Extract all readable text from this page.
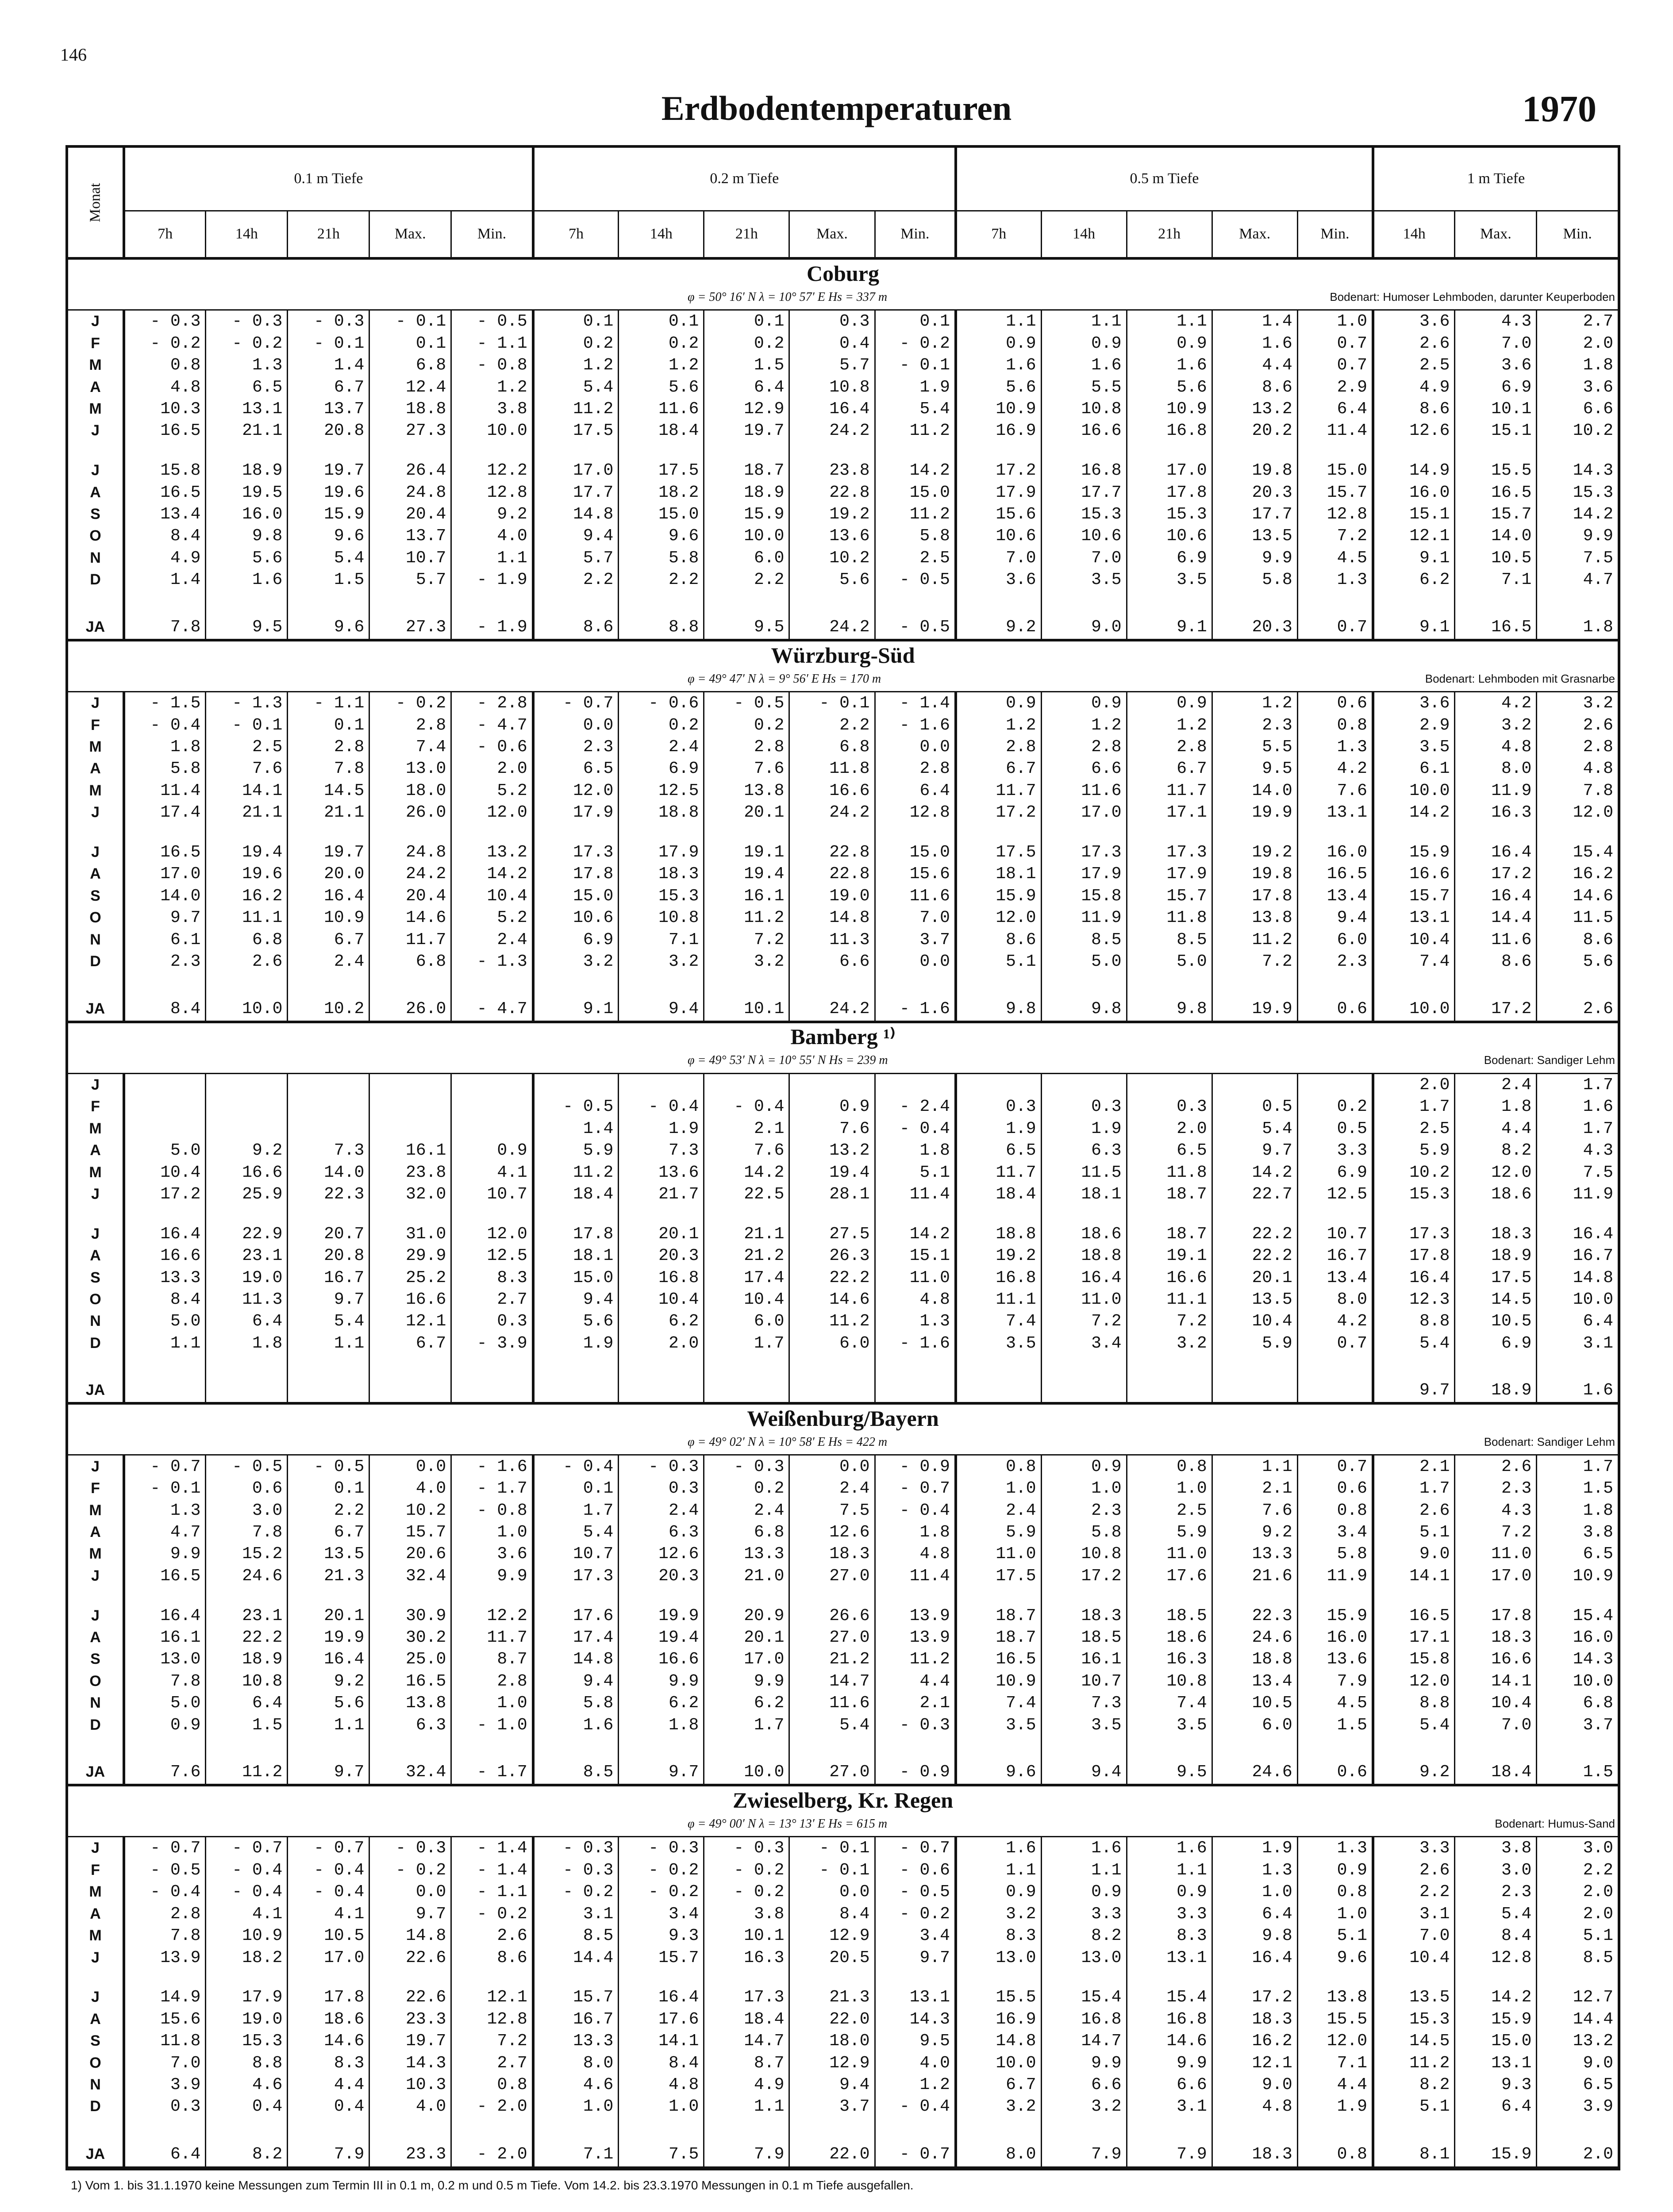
146
Erdbodentemperaturen	1970
Monat	0.1 m Tiefe					0.2 m Tiefe					0.5 m Tiefe					1 m Tiefe		
	7h	14h	21h	Max.	Min.	7h	14h	21h	Max.	Min.	7h	14h	21h	Max.	Min.	14h	Max.	Min.
Coburg																		

φ = 50° 16′ N λ = 10° 57′ E Hs = 337 m Bodenart: Humoser Lehmboden, darunter Keuperboden																		

J	- 0.3	- 0.3	- 0.3	- 0.1	- 0.5	0.1	0.1	0.1	0.3	0.1	1.1	1.1	1.1	1.4	1.0	3.6	4.3	2.7
F	- 0.2	- 0.2	- 0.1	0.1	- 1.1	0.2	0.2	0.2	0.4	- 0.2	0.9	0.9	0.9	1.6	0.7	2.6	7.0	2.0
M	0.8	1.3	1.4	6.8	- 0.8	1.2	1.2	1.5	5.7	- 0.1	1.6	1.6	1.6	4.4	0.7	2.5	3.6	1.8
A	4.8	6.5	6.7	12.4	1.2	5.4	5.6	6.4	10.8	1.9	5.6	5.5	5.6	8.6	2.9	4.9	6.9	3.6
M	10.3	13.1	13.7	18.8	3.8	11.2	11.6	12.9	16.4	5.4	10.9	10.8	10.9	13.2	6.4	8.6	10.1	6.6
J	16.5	21.1	20.8	27.3	10.0	17.5	18.4	19.7	24.2	11.2	16.9	16.6	16.8	20.2	11.4	12.6	15.1	10.2

J	15.8	18.9	19.7	26.4	12.2	17.0	17.5	18.7	23.8	14.2	17.2	16.8	17.0	19.8	15.0	14.9	15.5	14.3
A	16.5	19.5	19.6	24.8	12.8	17.7	18.2	18.9	22.8	15.0	17.9	17.7	17.8	20.3	15.7	16.0	16.5	15.3
S	13.4	16.0	15.9	20.4	9.2	14.8	15.0	15.9	19.2	11.2	15.6	15.3	15.3	17.7	12.8	15.1	15.7	14.2
O	8.4	9.8	9.6	13.7	4.0	9.4	9.6	10.0	13.6	5.8	10.6	10.6	10.6	13.5	7.2	12.1	14.0	9.9
N	4.9	5.6	5.4	10.7	1.1	5.7	5.8	6.0	10.2	2.5	7.0	7.0	6.9	9.9	4.5	9.1	10.5	7.5
D	1.4	1.6	1.5	5.7	- 1.9	2.2	2.2	2.2	5.6	- 0.5	3.6	3.5	3.5	5.8	1.3	6.2	7.1	4.7

JA	7.8	9.5	9.6	27.3	- 1.9	8.6	8.8	9.5	24.2	- 0.5	9.2	9.0	9.1	20.3	0.7	9.1	16.5	1.8
Würzburg-Süd																		

φ = 49° 47′ N λ = 9° 56′ E Hs = 170 m Bodenart: Lehmboden mit Grasnarbe																		

J	- 1.5	- 1.3	- 1.1	- 0.2	- 2.8	- 0.7	- 0.6	- 0.5	- 0.1	- 1.4	0.9	0.9	0.9	1.2	0.6	3.6	4.2	3.2
F	- 0.4	- 0.1	0.1	2.8	- 4.7	0.0	0.2	0.2	2.2	- 1.6	1.2	1.2	1.2	2.3	0.8	2.9	3.2	2.6
M	1.8	2.5	2.8	7.4	- 0.6	2.3	2.4	2.8	6.8	0.0	2.8	2.8	2.8	5.5	1.3	3.5	4.8	2.8
A	5.8	7.6	7.8	13.0	2.0	6.5	6.9	7.6	11.8	2.8	6.7	6.6	6.7	9.5	4.2	6.1	8.0	4.8
M	11.4	14.1	14.5	18.0	5.2	12.0	12.5	13.8	16.6	6.4	11.7	11.6	11.7	14.0	7.6	10.0	11.9	7.8
J	17.4	21.1	21.1	26.0	12.0	17.9	18.8	20.1	24.2	12.8	17.2	17.0	17.1	19.9	13.1	14.2	16.3	12.0

J	16.5	19.4	19.7	24.8	13.2	17.3	17.9	19.1	22.8	15.0	17.5	17.3	17.3	19.2	16.0	15.9	16.4	15.4
A	17.0	19.6	20.0	24.2	14.2	17.8	18.3	19.4	22.8	15.6	18.1	17.9	17.9	19.8	16.5	16.6	17.2	16.2
S	14.0	16.2	16.4	20.4	10.4	15.0	15.3	16.1	19.0	11.6	15.9	15.8	15.7	17.8	13.4	15.7	16.4	14.6
O	9.7	11.1	10.9	14.6	5.2	10.6	10.8	11.2	14.8	7.0	12.0	11.9	11.8	13.8	9.4	13.1	14.4	11.5
N	6.1	6.8	6.7	11.7	2.4	6.9	7.1	7.2	11.3	3.7	8.6	8.5	8.5	11.2	6.0	10.4	11.6	8.6
D	2.3	2.6	2.4	6.8	- 1.3	3.2	3.2	3.2	6.6	0.0	5.1	5.0	5.0	7.2	2.3	7.4	8.6	5.6

JA	8.4	10.0	10.2	26.0	- 4.7	9.1	9.4	10.1	24.2	- 1.6	9.8	9.8	9.8	19.9	0.6	10.0	17.2	2.6
Bamberg ¹⁾																		

φ = 49° 53′ N λ = 10° 55′ N Hs = 239 m Bodenart: Sandiger Lehm																		

J																2.0	2.4	1.7
F						- 0.5	- 0.4	- 0.4	0.9	- 2.4	0.3	0.3	0.3	0.5	0.2	1.7	1.8	1.6
M						1.4	1.9	2.1	7.6	- 0.4	1.9	1.9	2.0	5.4	0.5	2.5	4.4	1.7
A	5.0	9.2	7.3	16.1	0.9	5.9	7.3	7.6	13.2	1.8	6.5	6.3	6.5	9.7	3.3	5.9	8.2	4.3
M	10.4	16.6	14.0	23.8	4.1	11.2	13.6	14.2	19.4	5.1	11.7	11.5	11.8	14.2	6.9	10.2	12.0	7.5
J	17.2	25.9	22.3	32.0	10.7	18.4	21.7	22.5	28.1	11.4	18.4	18.1	18.7	22.7	12.5	15.3	18.6	11.9

J	16.4	22.9	20.7	31.0	12.0	17.8	20.1	21.1	27.5	14.2	18.8	18.6	18.7	22.2	10.7	17.3	18.3	16.4
A	16.6	23.1	20.8	29.9	12.5	18.1	20.3	21.2	26.3	15.1	19.2	18.8	19.1	22.2	16.7	17.8	18.9	16.7
S	13.3	19.0	16.7	25.2	8.3	15.0	16.8	17.4	22.2	11.0	16.8	16.4	16.6	20.1	13.4	16.4	17.5	14.8
O	8.4	11.3	9.7	16.6	2.7	9.4	10.4	10.4	14.6	4.8	11.1	11.0	11.1	13.5	8.0	12.3	14.5	10.0
N	5.0	6.4	5.4	12.1	0.3	5.6	6.2	6.0	11.2	1.3	7.4	7.2	7.2	10.4	4.2	8.8	10.5	6.4
D	1.1	1.8	1.1	6.7	- 3.9	1.9	2.0	1.7	6.0	- 1.6	3.5	3.4	3.2	5.9	0.7	5.4	6.9	3.1

JA																9.7	18.9	1.6
Weißenburg/Bayern																		

φ = 49° 02′ N λ = 10° 58′ E Hs = 422 m Bodenart: Sandiger Lehm																		

J	- 0.7	- 0.5	- 0.5	0.0	- 1.6	- 0.4	- 0.3	- 0.3	0.0	- 0.9	0.8	0.9	0.8	1.1	0.7	2.1	2.6	1.7
F	- 0.1	0.6	0.1	4.0	- 1.7	0.1	0.3	0.2	2.4	- 0.7	1.0	1.0	1.0	2.1	0.6	1.7	2.3	1.5
M	1.3	3.0	2.2	10.2	- 0.8	1.7	2.4	2.4	7.5	- 0.4	2.4	2.3	2.5	7.6	0.8	2.6	4.3	1.8
A	4.7	7.8	6.7	15.7	1.0	5.4	6.3	6.8	12.6	1.8	5.9	5.8	5.9	9.2	3.4	5.1	7.2	3.8
M	9.9	15.2	13.5	20.6	3.6	10.7	12.6	13.3	18.3	4.8	11.0	10.8	11.0	13.3	5.8	9.0	11.0	6.5
J	16.5	24.6	21.3	32.4	9.9	17.3	20.3	21.0	27.0	11.4	17.5	17.2	17.6	21.6	11.9	14.1	17.0	10.9

J	16.4	23.1	20.1	30.9	12.2	17.6	19.9	20.9	26.6	13.9	18.7	18.3	18.5	22.3	15.9	16.5	17.8	15.4
A	16.1	22.2	19.9	30.2	11.7	17.4	19.4	20.1	27.0	13.9	18.7	18.5	18.6	24.6	16.0	17.1	18.3	16.0
S	13.0	18.9	16.4	25.0	8.7	14.8	16.6	17.0	21.2	11.2	16.5	16.1	16.3	18.8	13.6	15.8	16.6	14.3
O	7.8	10.8	9.2	16.5	2.8	9.4	9.9	9.9	14.7	4.4	10.9	10.7	10.8	13.4	7.9	12.0	14.1	10.0
N	5.0	6.4	5.6	13.8	1.0	5.8	6.2	6.2	11.6	2.1	7.4	7.3	7.4	10.5	4.5	8.8	10.4	6.8
D	0.9	1.5	1.1	6.3	- 1.0	1.6	1.8	1.7	5.4	- 0.3	3.5	3.5	3.5	6.0	1.5	5.4	7.0	3.7

JA	7.6	11.2	9.7	32.4	- 1.7	8.5	9.7	10.0	27.0	- 0.9	9.6	9.4	9.5	24.6	0.6	9.2	18.4	1.5
Zwieselberg, Kr. Regen																		

φ = 49° 00′ N λ = 13° 13′ E Hs = 615 m Bodenart: Humus-Sand																		

J	- 0.7	- 0.7	- 0.7	- 0.3	- 1.4	- 0.3	- 0.3	- 0.3	- 0.1	- 0.7	1.6	1.6	1.6	1.9	1.3	3.3	3.8	3.0
F	- 0.5	- 0.4	- 0.4	- 0.2	- 1.4	- 0.3	- 0.2	- 0.2	- 0.1	- 0.6	1.1	1.1	1.1	1.3	0.9	2.6	3.0	2.2
M	- 0.4	- 0.4	- 0.4	0.0	- 1.1	- 0.2	- 0.2	- 0.2	0.0	- 0.5	0.9	0.9	0.9	1.0	0.8	2.2	2.3	2.0
A	2.8	4.1	4.1	9.7	- 0.2	3.1	3.4	3.8	8.4	- 0.2	3.2	3.3	3.3	6.4	1.0	3.1	5.4	2.0
M	7.8	10.9	10.5	14.8	2.6	8.5	9.3	10.1	12.9	3.4	8.3	8.2	8.3	9.8	5.1	7.0	8.4	5.1
J	13.9	18.2	17.0	22.6	8.6	14.4	15.7	16.3	20.5	9.7	13.0	13.0	13.1	16.4	9.6	10.4	12.8	8.5

J	14.9	17.9	17.8	22.6	12.1	15.7	16.4	17.3	21.3	13.1	15.5	15.4	15.4	17.2	13.8	13.5	14.2	12.7
A	15.6	19.0	18.6	23.3	12.8	16.7	17.6	18.4	22.0	14.3	16.9	16.8	16.8	18.3	15.5	15.3	15.9	14.4
S	11.8	15.3	14.6	19.7	7.2	13.3	14.1	14.7	18.0	9.5	14.8	14.7	14.6	16.2	12.0	14.5	15.0	13.2
O	7.0	8.8	8.3	14.3	2.7	8.0	8.4	8.7	12.9	4.0	10.0	9.9	9.9	12.1	7.1	11.2	13.1	9.0
N	3.9	4.6	4.4	10.3	0.8	4.6	4.8	4.9	9.4	1.2	6.7	6.6	6.6	9.0	4.4	8.2	9.3	6.5
D	0.3	0.4	0.4	4.0	- 2.0	1.0	1.0	1.1	3.7	- 0.4	3.2	3.2	3.1	4.8	1.9	5.1	6.4	3.9

JA	6.4	8.2	7.9	23.3	- 2.0	7.1	7.5	7.9	22.0	- 0.7	8.0	7.9	7.9	18.3	0.8	8.1	15.9	2.0
1) Vom 1. bis 31.1.1970 keine Messungen zum Termin III in 0.1 m, 0.2 m und 0.5 m Tiefe. Vom 14.2. bis 23.3.1970 Messungen in 0.1 m Tiefe ausgefallen.
